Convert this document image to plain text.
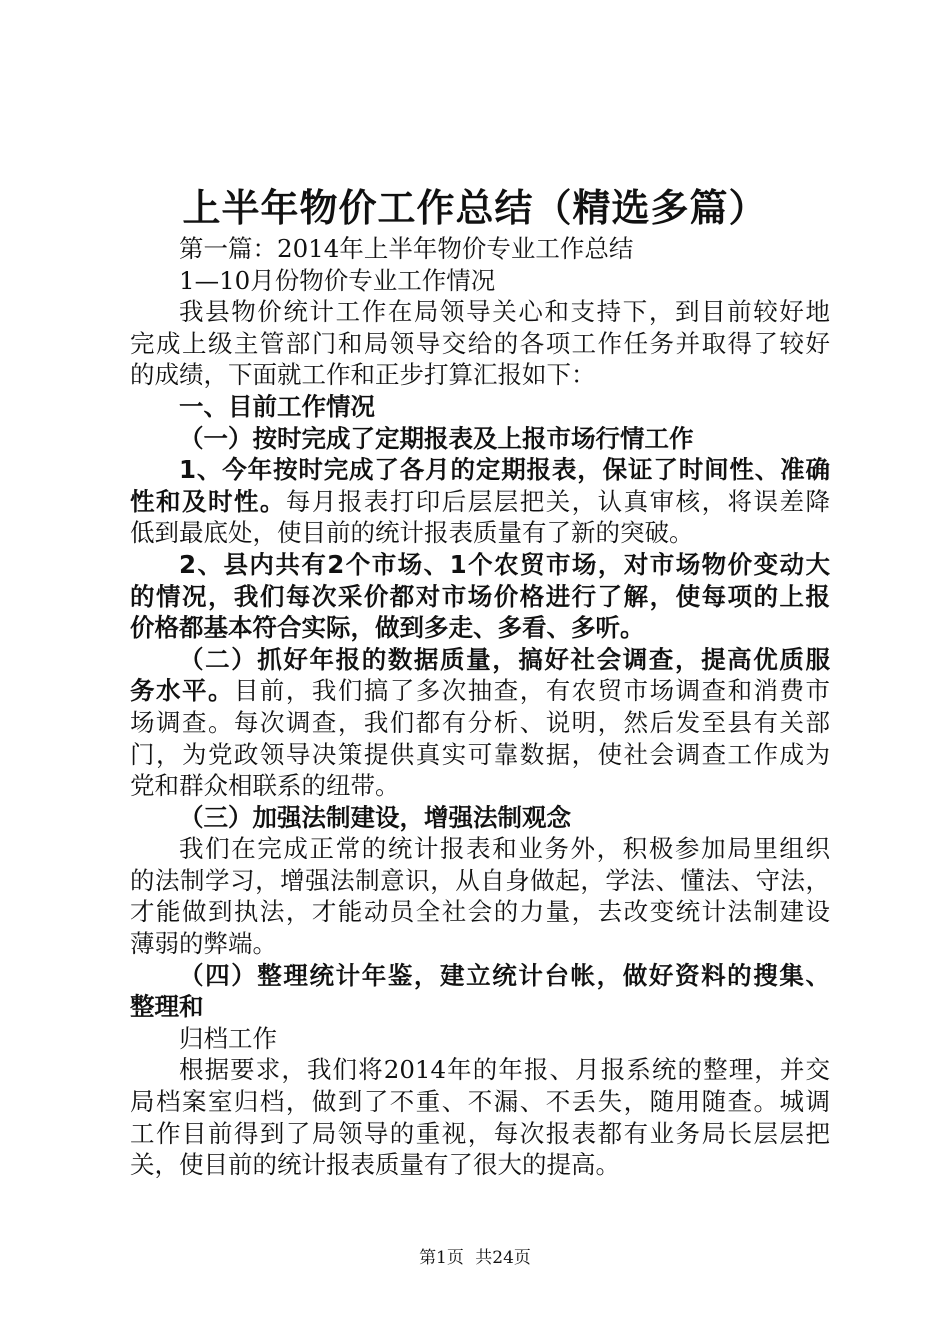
上半年物价工作总结（精选多篇）
第一篇：2014年上半年物价专业工作总结
1—10月份物价专业工作情况
我县物价统计工作在局领导关心和支持下，到目前较好地
完成上级主管部门和局领导交给的各项工作任务并取得了较好
的成绩，下面就工作和正步打算汇报如下：
一、目前工作情况
（一）按时完成了定期报表及上报市场行情工作
1、今年按时完成了各月的定期报表，保证了时间性、准确
性和及时性。每月报表打印后层层把关，认真审核，将误差降
低到最底处，使目前的统计报表质量有了新的突破。
2、县内共有2个市场、1个农贸市场，对市场物价变动大
的情况，我们每次采价都对市场价格进行了解，使每项的上报
价格都基本符合实际，做到多走、多看、多听。
（二）抓好年报的数据质量，搞好社会调查，提高优质服
务水平。目前，我们搞了多次抽查，有农贸市场调查和消费市
场调查。每次调查，我们都有分析、说明，然后发至县有关部
门，为党政领导决策提供真实可靠数据，使社会调查工作成为
党和群众相联系的纽带。
（三）加强法制建设，增强法制观念
我们在完成正常的统计报表和业务外，积极参加局里组织
的法制学习，增强法制意识，从自身做起，学法、懂法、守法，
才能做到执法，才能动员全社会的力量，去改变统计法制建设
薄弱的弊端。
（四）整理统计年鉴，建立统计台帐，做好资料的搜集、
整理和
归档工作
根据要求，我们将2014年的年报、月报系统的整理，并交
局档案室归档，做到了不重、不漏、不丢失，随用随查。城调
工作目前得到了局领导的重视，每次报表都有业务局长层层把
关，使目前的统计报表质量有了很大的提高。
第1页 共24页
